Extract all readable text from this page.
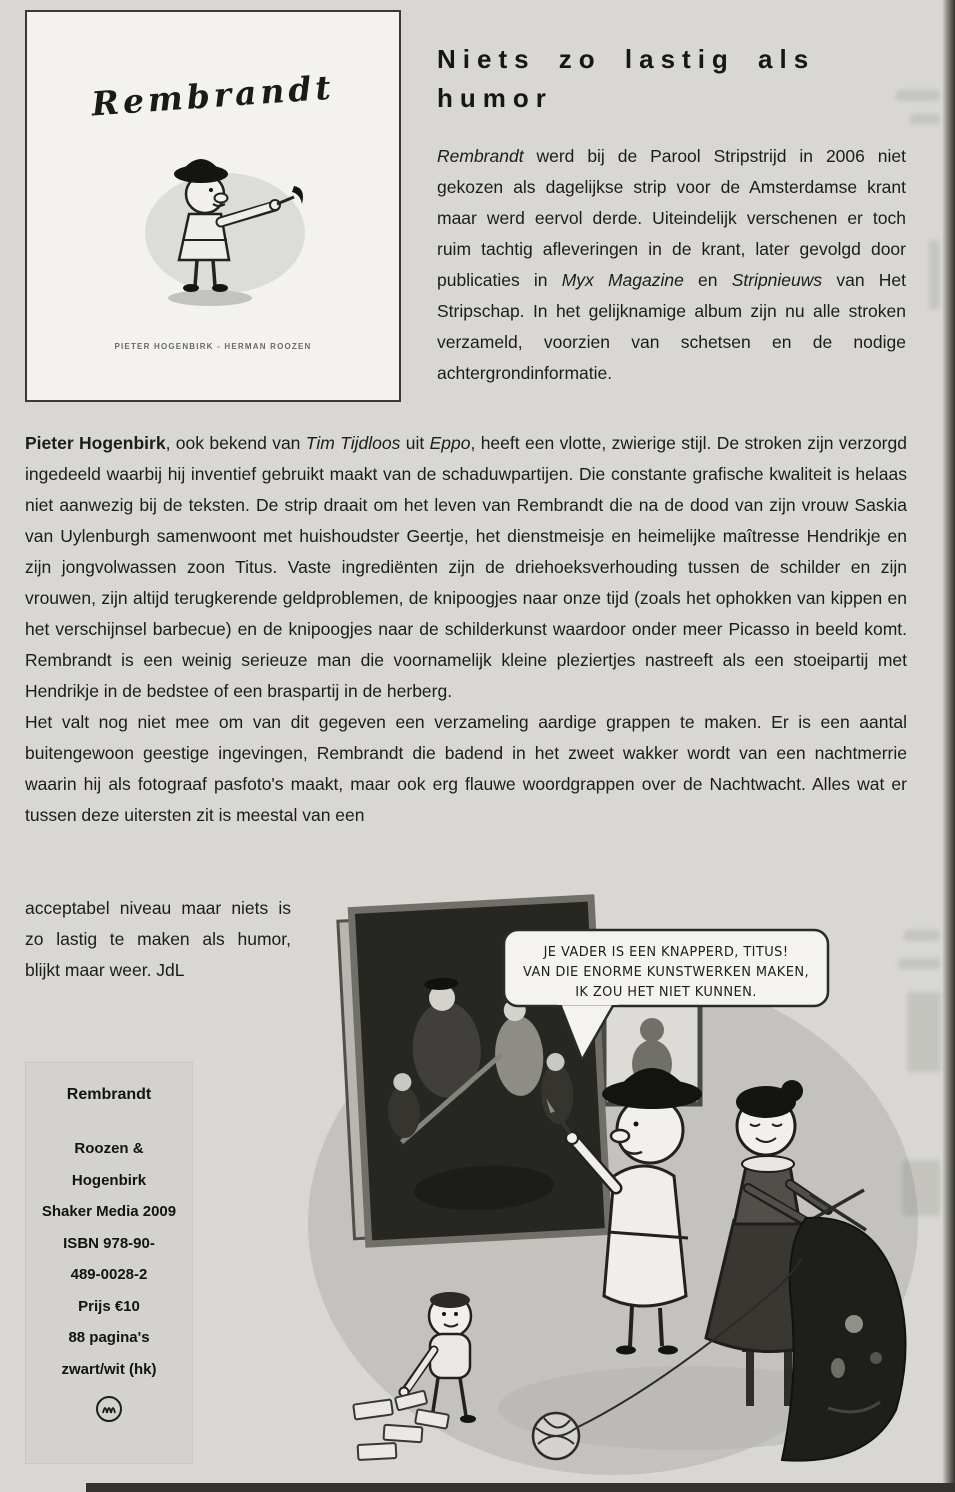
Rembrandt
PIETER HOGENBIRK - HERMAN ROOZEN
Niets zo lastig als
humor

Rembrandt werd bij de Parool Stripstrijd in 2006 niet gekozen als dagelijkse strip voor de Amsterdamse krant maar werd eervol derde. Uiteindelijk verschenen er toch ruim tachtig afleveringen in de krant, later gevolgd door publicaties in Myx Magazine en Stripnieuws van Het Stripschap. In het gelijknamige album zijn nu alle stroken verzameld, voorzien van schetsen en de nodige achtergrondinformatie.

Pieter Hogenbirk, ook bekend van Tim Tijdloos uit Eppo, heeft een vlotte, zwierige stijl. De stroken zijn verzorgd ingedeeld waarbij hij inventief gebruikt maakt van de schaduwpartijen. Die constante grafische kwaliteit is helaas niet aanwezig bij de teksten. De strip draait om het leven van Rembrandt die na de dood van zijn vrouw Saskia van Uylenburgh samenwoont met huishoudster Geertje, het dienstmeisje en heimelijke maîtresse Hendrikje en zijn jongvolwassen zoon Titus. Vaste ingrediënten zijn de driehoeksverhouding tussen de schilder en zijn vrouwen, zijn altijd terugkerende geldproblemen, de knipoogjes naar onze tijd (zoals het ophokken van kippen en het verschijnsel barbecue) en de knipoogjes naar de schilderkunst waardoor onder meer Picasso in beeld komt. Rembrandt is een weinig serieuze man die voornamelijk kleine pleziertjes nastreeft als een stoeipartij met Hendrikje in de bedstee of een braspartij in de herberg.

Het valt nog niet mee om van dit gegeven een verzameling aardige grappen te maken. Er is een aantal buitengewoon geestige ingevingen, Rembrandt die badend in het zweet wakker wordt van een nachtmerrie waarin hij als fotograaf pasfoto's maakt, maar ook erg flauwe woordgrappen over de Nachtwacht. Alles wat er tussen deze uitersten zit is meestal van een

acceptabel niveau maar niets is zo lastig te maken als humor, blijkt maar weer. JdL

Rembrandt
Roozen &
Hogenbirk
Shaker Media 2009
ISBN 978-90-
489-0028-2
Prijs €10
88 pagina's
zwart/wit (hk)
JE VADER IS EEN KNAPPERD, TITUS!
VAN DIE ENORME KUNSTWERKEN MAKEN,
IK ZOU HET NIET KUNNEN.
